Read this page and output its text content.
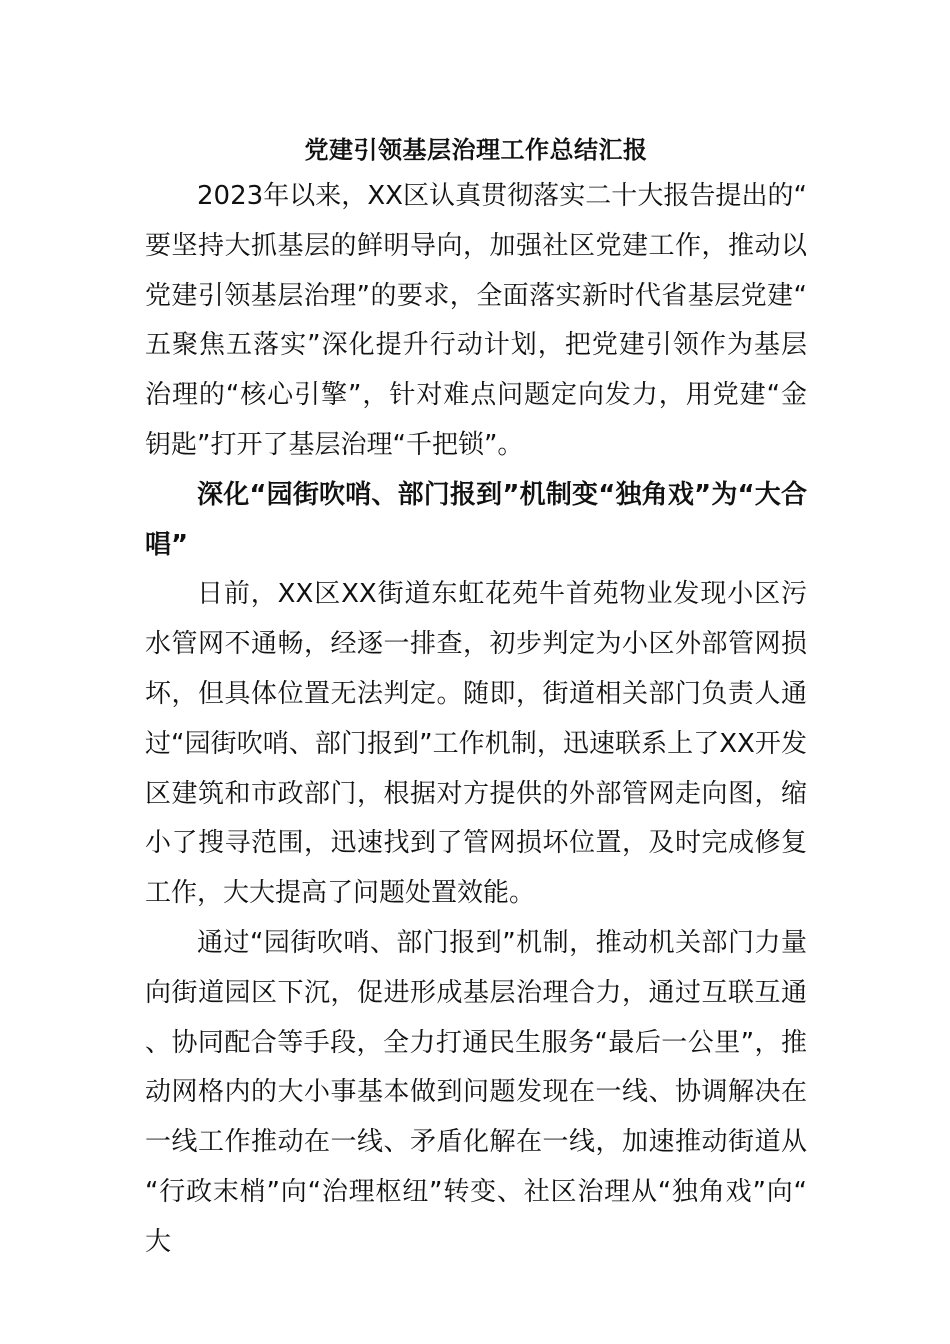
党建引领基层治理工作总结汇报

2023年以来，XX区认真贯彻落实二十大报告提出的“要坚持大抓基层的鲜明导向，加强社区党建工作，推动以党建引领基层治理”的要求，全面落实新时代省基层党建“五聚焦五落实”深化提升行动计划，把党建引领作为基层治理的“核心引擎”，针对难点问题定向发力，用党建“金钥匙”打开了基层治理“千把锁”。

深化“园街吹哨、部门报到”机制变“独角戏”为“大合唱”

日前，XX区XX街道东虹花苑牛首苑物业发现小区污水管网不通畅，经逐一排查，初步判定为小区外部管网损坏，但具体位置无法判定。随即，街道相关部门负责人通过“园街吹哨、部门报到”工作机制，迅速联系上了XX开发区建筑和市政部门，根据对方提供的外部管网走向图，缩小了搜寻范围，迅速找到了管网损坏位置，及时完成修复工作，大大提高了问题处置效能。

通过“园街吹哨、部门报到”机制，推动机关部门力量向街道园区下沉，促进形成基层治理合力，通过互联互通、协同配合等手段，全力打通民生服务“最后一公里”，推动网格内的大小事基本做到问题发现在一线、协调解决在一线工作推动在一线、矛盾化解在一线，加速推动街道从“行政末梢”向“治理枢纽”转变、社区治理从“独角戏”向“大
